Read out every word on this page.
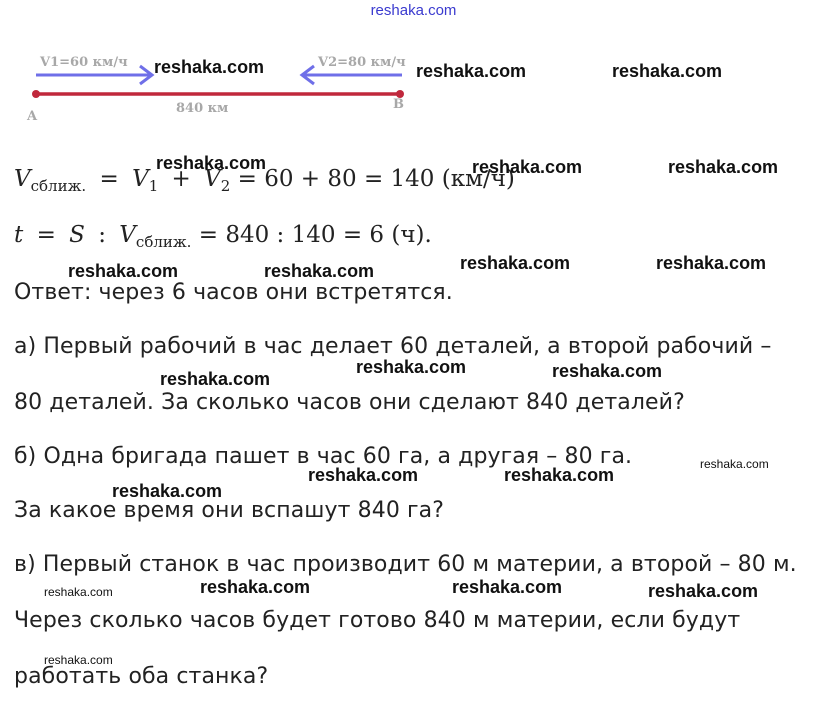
reshaka.com
V1=60 км/ч	V2=80 км/ч
840 км
A
B
$V_{сближ.} = V_1 + V_2 = 60 + 80 = 140$ (км/ч)
t = S : $V_{сближ.} = 840$ : 140 = 6 (ч).
Ответ: через 6 часов они встретятся.
а) Первый рабочий в час делает 60 деталей, а второй рабочий –
80 деталей. За сколько часов они сделают 840 деталей?
б) Одна бригада пашет в час 60 га, а другая – 80 га.
За какое время они вспашут 840 га?
в) Первый станок в час производит 60 м материи, а второй – 80 м.
Через сколько часов будет готово 840 м материи, если будут
работать оба станка?
reshaka.com	reshaka.com	reshaka.com
reshaka.com	reshaka.com	reshaka.com
reshaka.com	reshaka.com	reshaka.com	reshaka.com
reshaka.com
reshaka.com	reshaka.com
reshaka.com
reshaka.com
reshaka.com	reshaka.com
reshaka.com	reshaka.com	reshaka.com	reshaka.com
reshaka.com
